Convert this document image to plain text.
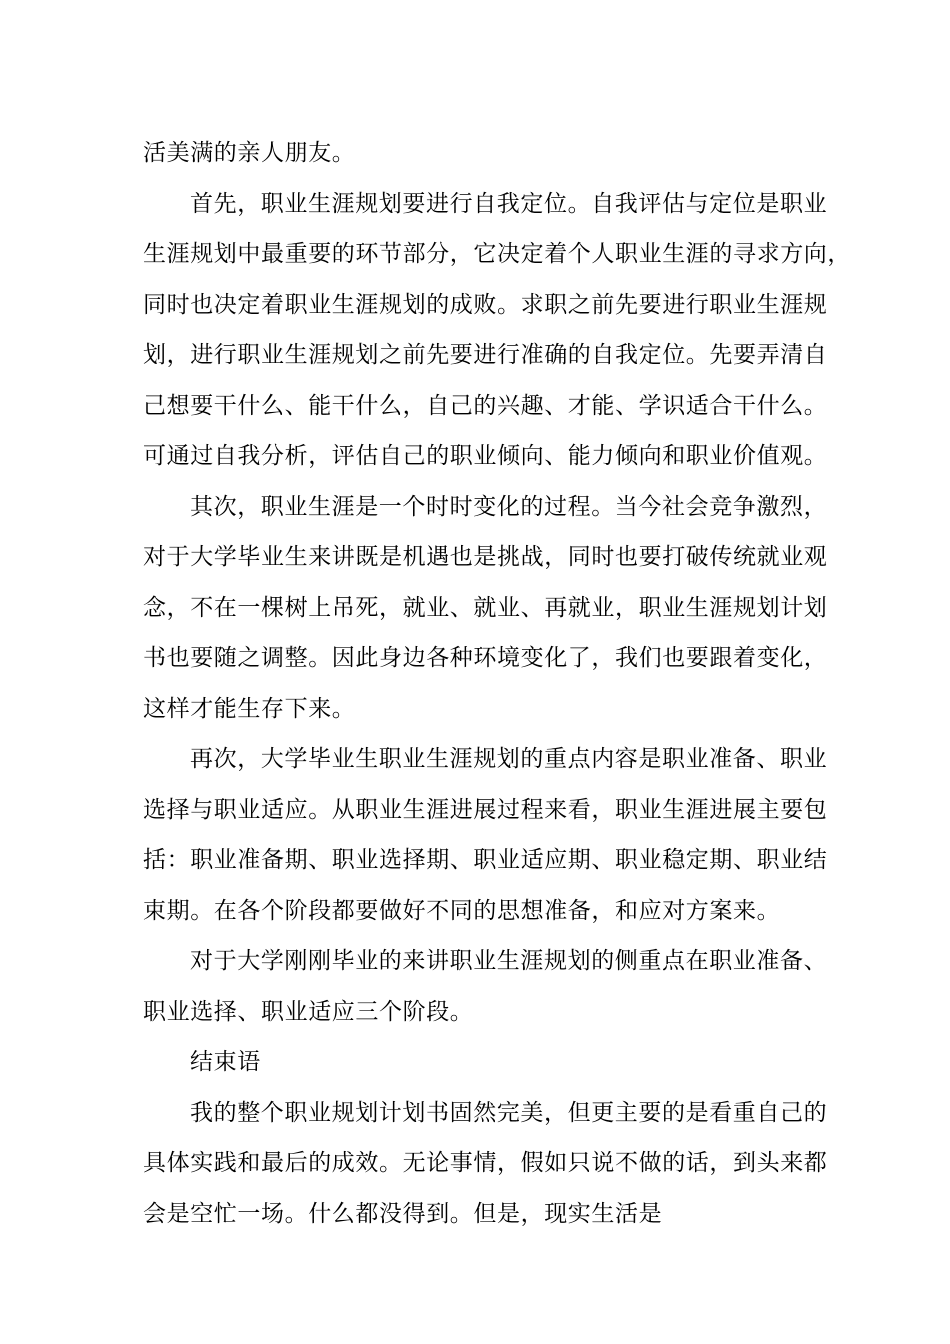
活美满的亲人朋友。
首先，职业生涯规划要进行自我定位。自我评估与定位是职业
生涯规划中最重要的环节部分，它决定着个人职业生涯的寻求方向，
同时也决定着职业生涯规划的成败。求职之前先要进行职业生涯规
划，进行职业生涯规划之前先要进行准确的自我定位。先要弄清自
己想要干什么、能干什么，自己的兴趣、才能、学识适合干什么。
可通过自我分析，评估自己的职业倾向、能力倾向和职业价值观。
其次，职业生涯是一个时时变化的过程。当今社会竞争激烈，
对于大学毕业生来讲既是机遇也是挑战，同时也要打破传统就业观
念，不在一棵树上吊死，就业、就业、再就业，职业生涯规划计划
书也要随之调整。因此身边各种环境变化了，我们也要跟着变化，
这样才能生存下来。
再次，大学毕业生职业生涯规划的重点内容是职业准备、职业
选择与职业适应。从职业生涯进展过程来看，职业生涯进展主要包
括：职业准备期、职业选择期、职业适应期、职业稳定期、职业结
束期。在各个阶段都要做好不同的思想准备，和应对方案来。
对于大学刚刚毕业的来讲职业生涯规划的侧重点在职业准备、
职业选择、职业适应三个阶段。
结束语
我的整个职业规划计划书固然完美，但更主要的是看重自己的
具体实践和最后的成效。无论事情，假如只说不做的话，到头来都
会是空忙一场。什么都没得到。但是，现实生活是
